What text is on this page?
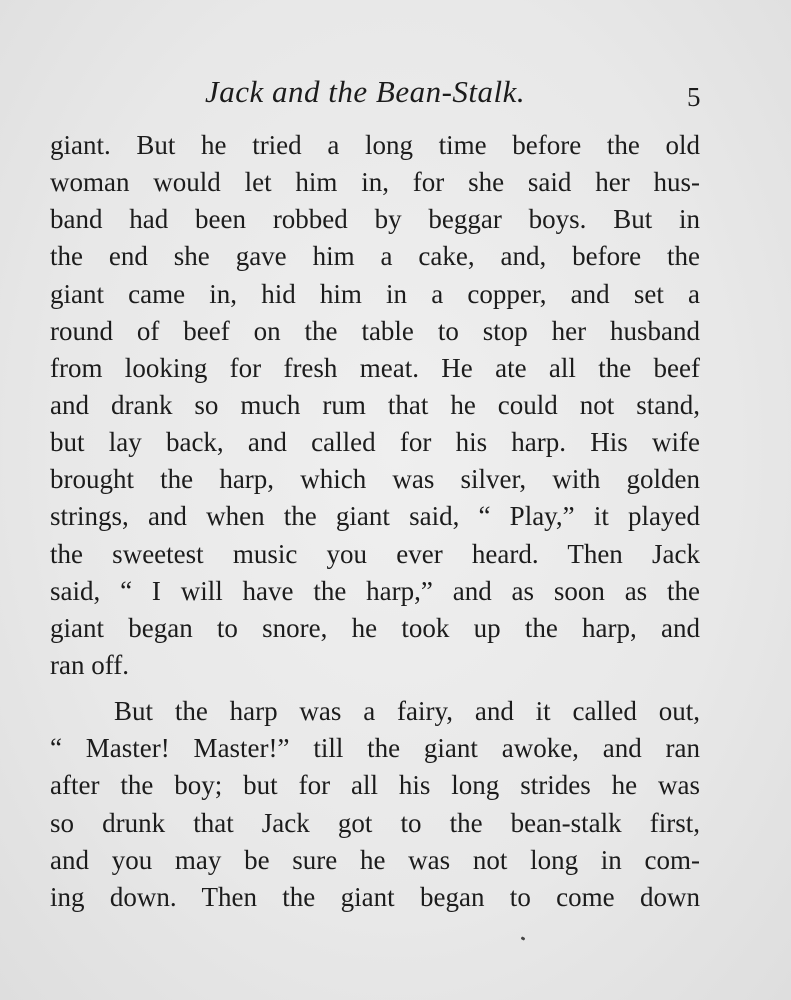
Jack and the Bean-Stalk.	5
giant. But he tried a long time before the old
woman would let him in, for she said her hus-
band had been robbed by beggar boys. But in
the end she gave him a cake, and, before the
giant came in, hid him in a copper, and set a
round of beef on the table to stop her husband
from looking for fresh meat. He ate all the beef
and drank so much rum that he could not stand,
but lay back, and called for his harp. His wife
brought the harp, which was silver, with golden
strings, and when the giant said, “ Play,” it played
the sweetest music you ever heard. Then Jack
said, “ I will have the harp,” and as soon as the
giant began to snore, he took up the harp, and
ran off.
But the harp was a fairy, and it called out,
“ Master! Master!” till the giant awoke, and ran
after the boy; but for all his long strides he was
so drunk that Jack got to the bean-stalk first,
and you may be sure he was not long in com-
ing down. Then the giant began to come down
